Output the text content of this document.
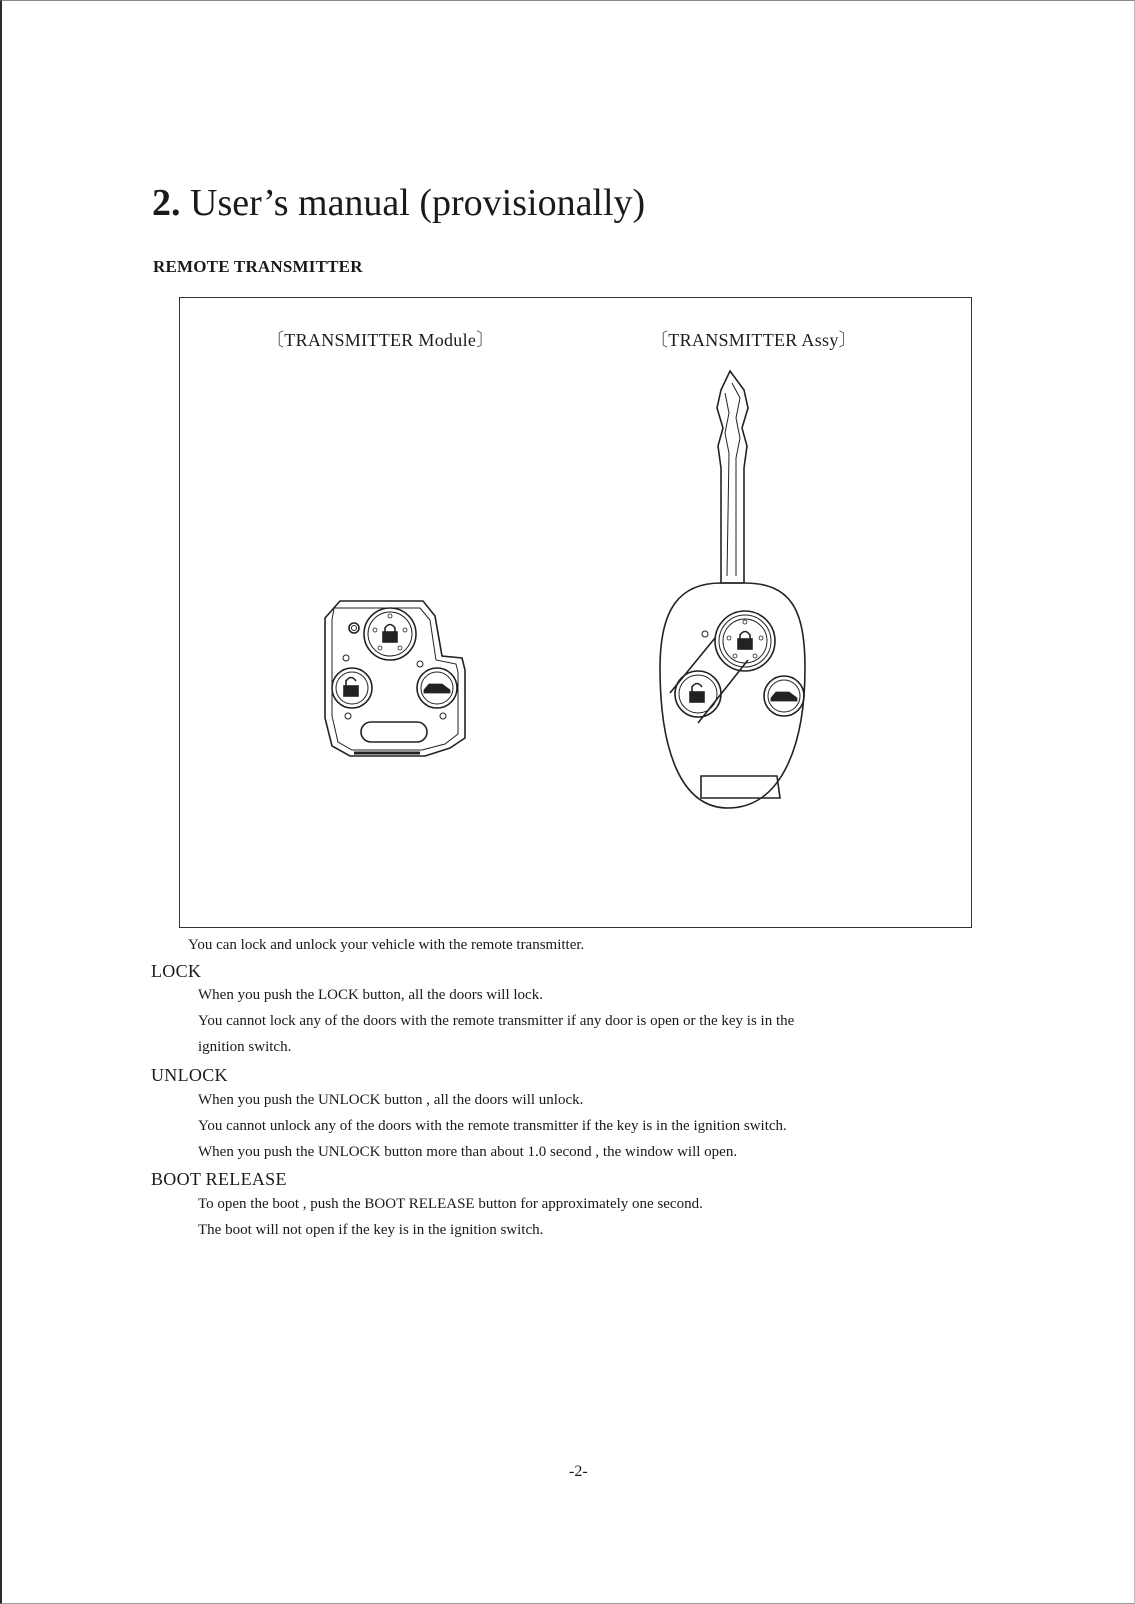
2. User’s manual (provisionally)
REMOTE TRANSMITTER
〔TRANSMITTER Module〕	〔TRANSMITTER Assy〕

You can lock and unlock your vehicle with the remote transmitter.

LOCK

When you push the LOCK button, all the doors will lock.

You cannot lock any of the doors with the remote transmitter if any door is open or the key is in the

ignition switch.

UNLOCK

When you push the UNLOCK button , all the doors will unlock.

You cannot unlock any of the doors with the remote transmitter if the key is in the ignition switch.

When you push the UNLOCK button more than about 1.0 second , the window will open.

BOOT RELEASE

To open the boot , push the BOOT RELEASE button for approximately one second.

The boot will not open if the key is in the ignition switch.

-2-
